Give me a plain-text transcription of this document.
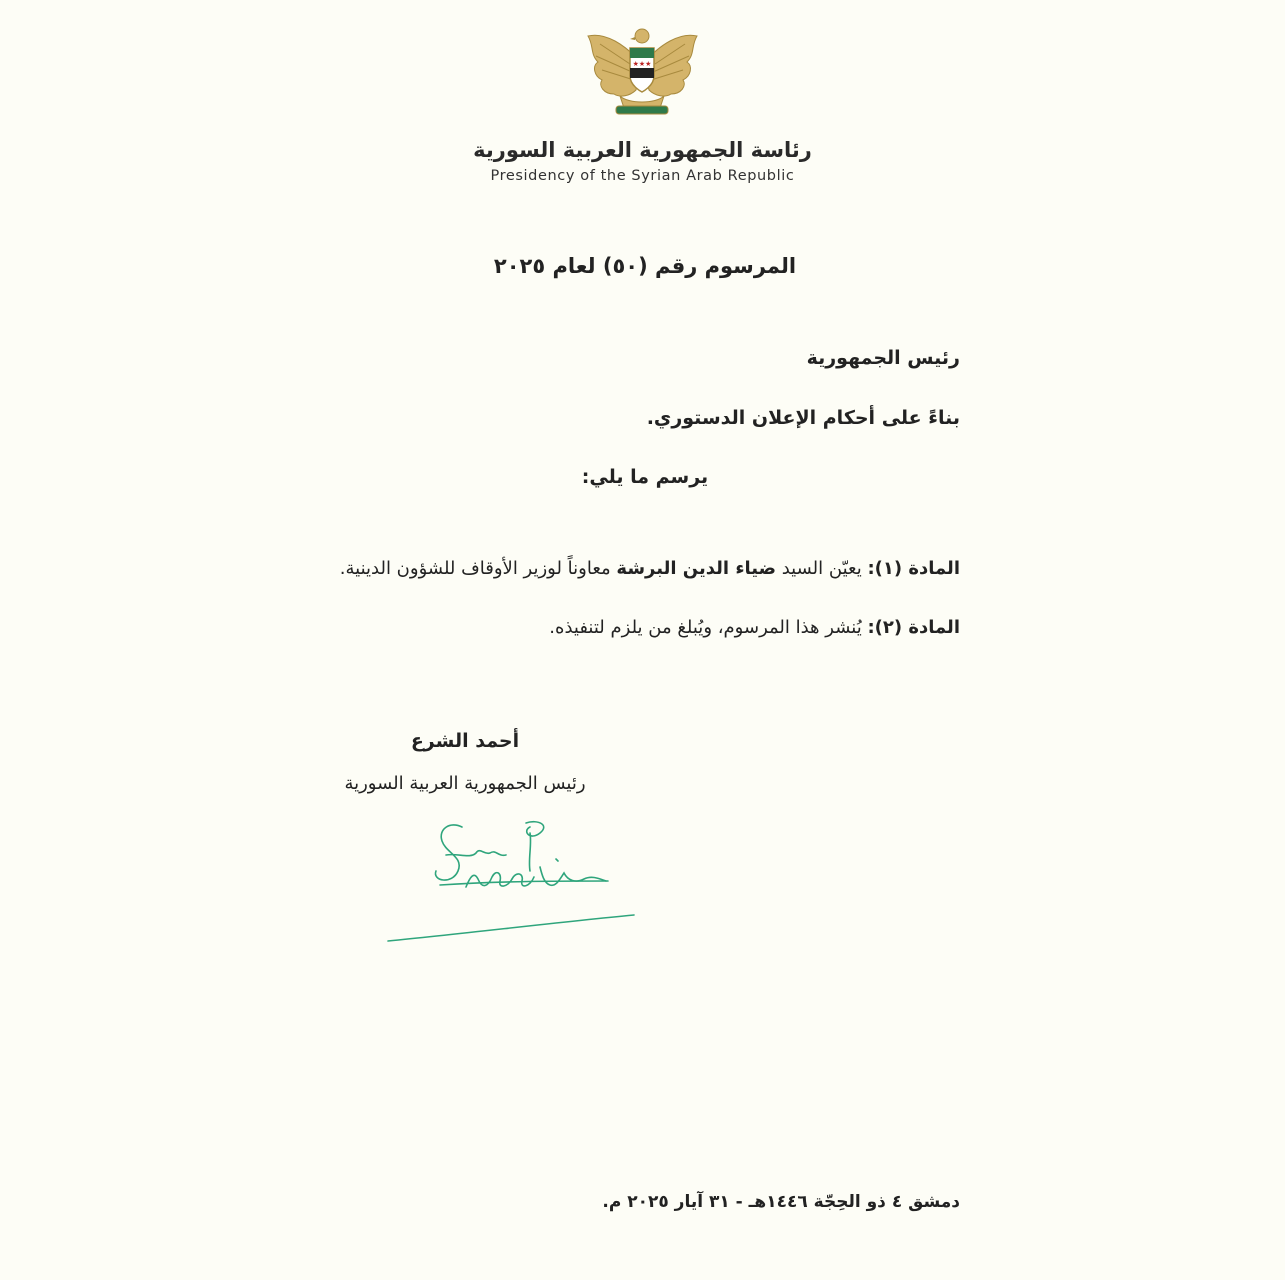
★★★
رئاسة الجمهورية العربية السورية
Presidency of the Syrian Arab Republic
المرسوم رقم (٥٠) لعام ٢٠٢٥
رئيس الجمهورية
بناءً على أحكام الإعلان الدستوري.
يرسم ما يلي:
المادة (١): يعيّن السيد ضياء الدين البرشة معاوناً لوزير الأوقاف للشؤون الدينية.
المادة (٢): يُنشر هذا المرسوم، ويُبلغ من يلزم لتنفيذه.
أحمد الشرع
رئيس الجمهورية العربية السورية
دمشق ٤ ذو الحِجّة ١٤٤٦هـ - ٣١ آيار ٢٠٢٥ م.
